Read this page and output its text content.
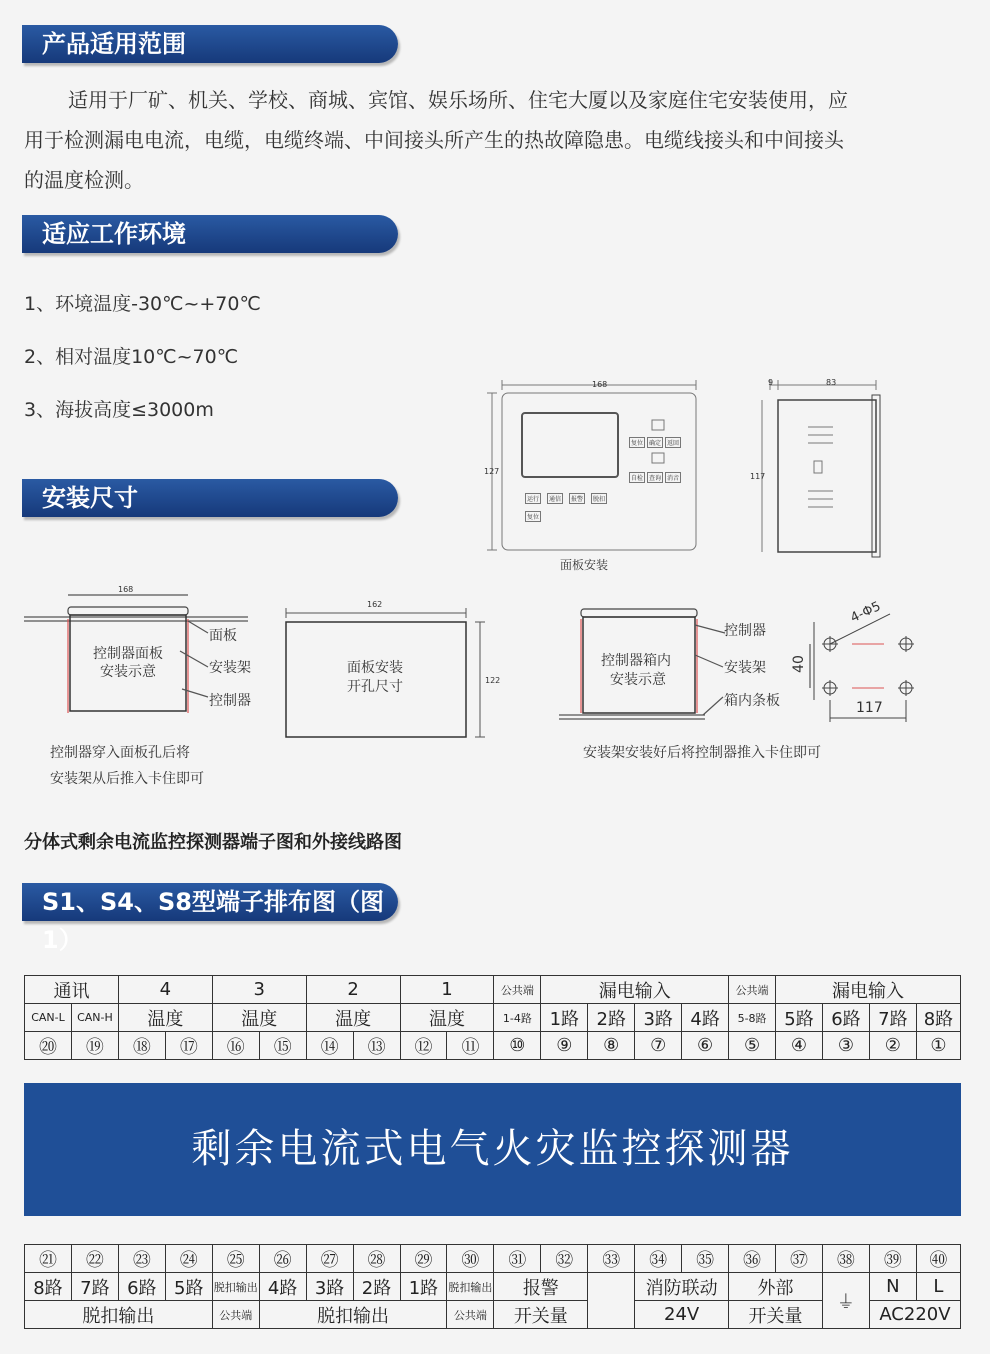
产品适用范围
适用于厂矿、机关、学校、商城、宾馆、娱乐场所、住宅大厦以及家庭住宅安装使用，应
用于检测漏电电流，电缆，电缆终端、中间接头所产生的热故障隐患。电缆线接头和中间接头
的温度检测。
适应工作环境
1、环境温度-30℃~+70℃
2、相对温度10℃~70℃
3、海拔高度≤3000m
安装尺寸
168
127
复位	确定	返回
自检	查询	消音
运行	通信	报警	脱扣
复位
面板安装
9	83
117
168
控制器面板
安装示意
面板
安装架
控制器
控制器穿入面板孔后将
安装架从后推入卡住即可
162
122
面板安装
开孔尺寸
控制器箱内
安装示意
控制器
安装架
箱内条板
安装架安装好后将控制器推入卡住即可
4-Φ5
40
117
分体式剩余电流监控探测器端子图和外接线路图
S1、S4、S8型端子排布图（图1）
通讯		4		3		2		1		公共端	漏电输入				公共端	漏电输入			
CAN-L	CAN-H	温度		温度		温度		温度		1-4路	1路	2路	3路	4路	5-8路	5路	6路	7路	8路
⑳	⑲	⑱	⑰	⑯	⑮	⑭	⑬	⑫	⑪	⑩	⑨	⑧	⑦	⑥	⑤	④	③	②	①
剩余电流式电气火灾监控探测器
㉑	㉒	㉓	㉔	㉕	㉖	㉗	㉘	㉙	㉚	㉛	㉜	㉝	㉞	㉟	㊱	㊲	㊳	㊴	㊵
8路	7路	6路	5路	脱扣输出	4路	3路	2路	1路	脱扣输出	报警			消防联动		外部		⏚	N	L
脱扣输出				公共端	脱扣输出				公共端	开关量			24V		开关量			AC220V	
